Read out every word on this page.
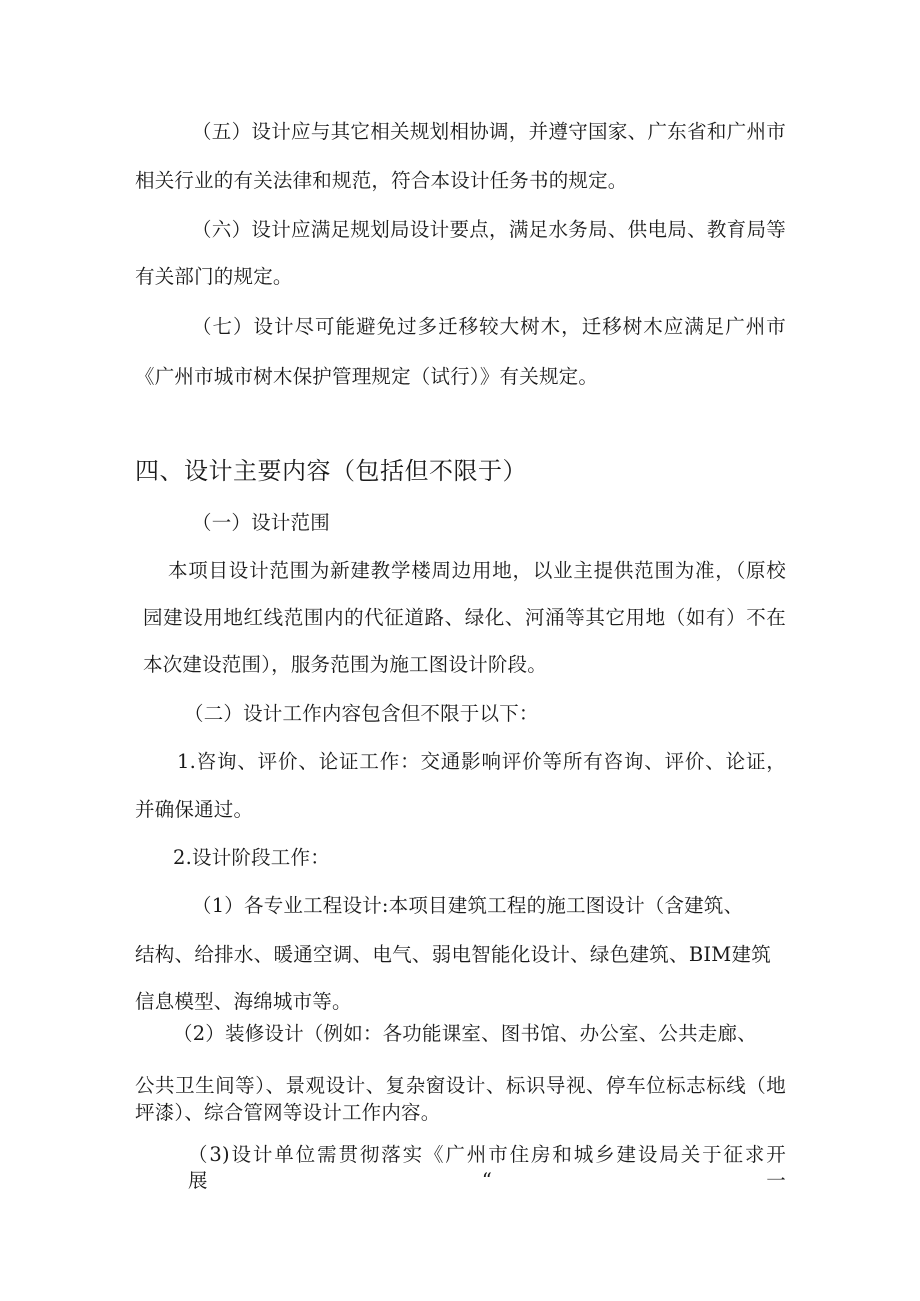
（五）设计应与其它相关规划相协调，并遵守国家、广东省和广州市
相关行业的有关法律和规范，符合本设计任务书的规定。
（六）设计应满足规划局设计要点，满足水务局、供电局、教育局等
有关部门的规定。
（七）设计尽可能避免过多迁移较大树木，迁移树木应满足广州市
《广州市城市树木保护管理规定（试行）》有关规定。
四、设计主要内容（包括但不限于）
（一）设计范围
本项目设计范围为新建教学楼周边用地，以业主提供范围为准，（原校
园建设用地红线范围内的代征道路、绿化、河涌等其它用地（如有）不在
本次建设范围），服务范围为施工图设计阶段。
（二）设计工作内容包含但不限于以下：
1.咨询、评价、论证工作：交通影响评价等所有咨询、评价、论证，
并确保通过。
2.设计阶段工作：
（1）各专业工程设计:本项目建筑工程的施工图设计（含建筑、
结构、给排水、暖通空调、电气、弱电智能化设计、绿色建筑、BIM建筑
信息模型、海绵城市等。
（2）装修设计（例如：各功能课室、图书馆、办公室、公共走廊、
公共卫生间等）、景观设计、复杂窗设计、标识导视、停车位标志标线（地
坪漆）、综合管网等设计工作内容。
（3)设计单位需贯彻落实《广州市住房和城乡建设局关于征求开展“一
